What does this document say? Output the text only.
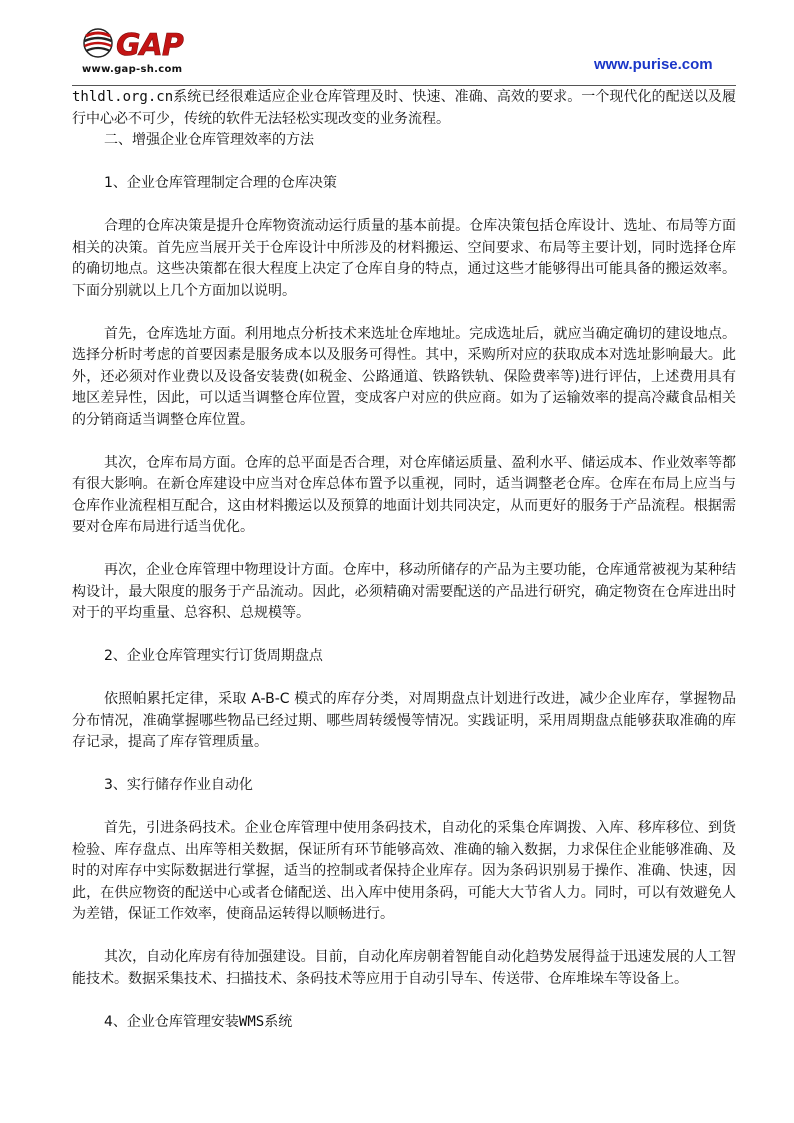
GAP
www.gap-sh.com	www.purise.com

thldl.org.cn系统已经很难适应企业仓库管理及时、快速、准确、高效的要求。一个现代化的配送以及履行中心必不可少，传统的软件无法轻松实现改变的业务流程。

二、增强企业仓库管理效率的方法

1、企业仓库管理制定合理的仓库决策

合理的仓库决策是提升仓库物资流动运行质量的基本前提。仓库决策包括仓库设计、选址、布局等方面相关的决策。首先应当展开关于仓库设计中所涉及的材料搬运、空间要求、布局等主要计划，同时选择仓库的确切地点。这些决策都在很大程度上决定了仓库自身的特点，通过这些才能够得出可能具备的搬运效率。下面分别就以上几个方面加以说明。

首先，仓库选址方面。利用地点分析技术来选址仓库地址。完成选址后，就应当确定确切的建设地点。选择分析时考虑的首要因素是服务成本以及服务可得性。其中，采购所对应的获取成本对选址影响最大。此外，还必须对作业费以及设备安装费(如税金、公路通道、铁路铁轨、保险费率等)进行评估，上述费用具有地区差异性，因此，可以适当调整仓库位置，变成客户对应的供应商。如为了运输效率的提高冷藏食品相关的分销商适当调整仓库位置。

其次，仓库布局方面。仓库的总平面是否合理，对仓库储运质量、盈利水平、储运成本、作业效率等都有很大影响。在新仓库建设中应当对仓库总体布置予以重视，同时，适当调整老仓库。仓库在布局上应当与仓库作业流程相互配合，这由材料搬运以及预算的地面计划共同决定，从而更好的服务于产品流程。根据需要对仓库布局进行适当优化。

再次，企业仓库管理中物理设计方面。仓库中，移动所储存的产品为主要功能，仓库通常被视为某种结构设计，最大限度的服务于产品流动。因此，必须精确对需要配送的产品进行研究，确定物资在仓库进出时对于的平均重量、总容积、总规模等。

2、企业仓库管理实行订货周期盘点

依照帕累托定律，采取 A-B-C 模式的库存分类，对周期盘点计划进行改进，减少企业库存，掌握物品分布情况，准确掌握哪些物品已经过期、哪些周转缓慢等情况。实践证明，采用周期盘点能够获取准确的库存记录，提高了库存管理质量。

3、实行储存作业自动化

首先，引进条码技术。企业仓库管理中使用条码技术，自动化的采集仓库调拨、入库、移库移位、到货检验、库存盘点、出库等相关数据，保证所有环节能够高效、准确的输入数据，力求保住企业能够准确、及时的对库存中实际数据进行掌握，适当的控制或者保持企业库存。因为条码识别易于操作、准确、快速，因此，在供应物资的配送中心或者仓储配送、出入库中使用条码，可能大大节省人力。同时，可以有效避免人为差错，保证工作效率，使商品运转得以顺畅进行。

其次，自动化库房有待加强建设。目前，自动化库房朝着智能自动化趋势发展得益于迅速发展的人工智能技术。数据采集技术、扫描技术、条码技术等应用于自动引导车、传送带、仓库堆垛车等设备上。

4、企业仓库管理安装WMS系统
